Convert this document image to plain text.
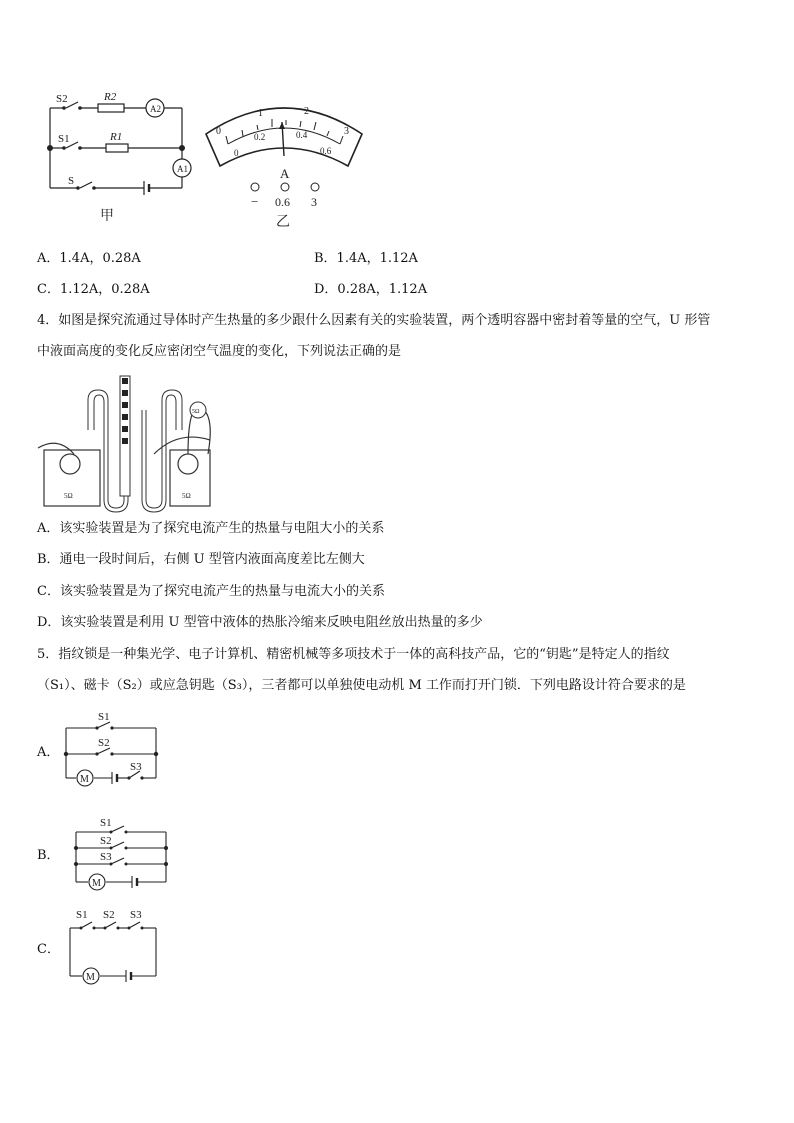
S2	R2
A2
S1	R1
A1
S
甲
0
1	2
3
0
0.2	0.4
0.6
A
− 0.6 3
乙
A．1.4A，0.28A	B．1.4A，1.12A
C．1.12A，0.28A	D．0.28A，1.12A
4．如图是探究流通过导体时产生热量的多少跟什么因素有关的实验装置，两个透明容器中密封着等量的空气，U 形管
中液面高度的变化反应密闭空气温度的变化，下列说法正确的是
5Ω
5Ω	5Ω
A．该实验装置是为了探究电流产生的热量与电阻大小的关系
B．通电一段时间后，右侧 U 型管内液面高度差比左侧大
C．该实验装置是为了探究电流产生的热量与电流大小的关系
D．该实验装置是利用 U 型管中液体的热胀冷缩来反映电阻丝放出热量的多少
5．指纹锁是一种集光学、电子计算机、精密机械等多项技术于一体的高科技产品，它的“钥匙”是特定人的指纹
（S₁）、磁卡（S₂）或应急钥匙（S₃），三者都可以单独使电动机 M 工作而打开门锁．下列电路设计符合要求的是
A．
S1
S2
S3
M
B．
S1
S2
S3
M
C．
S1 S2 S3
M
